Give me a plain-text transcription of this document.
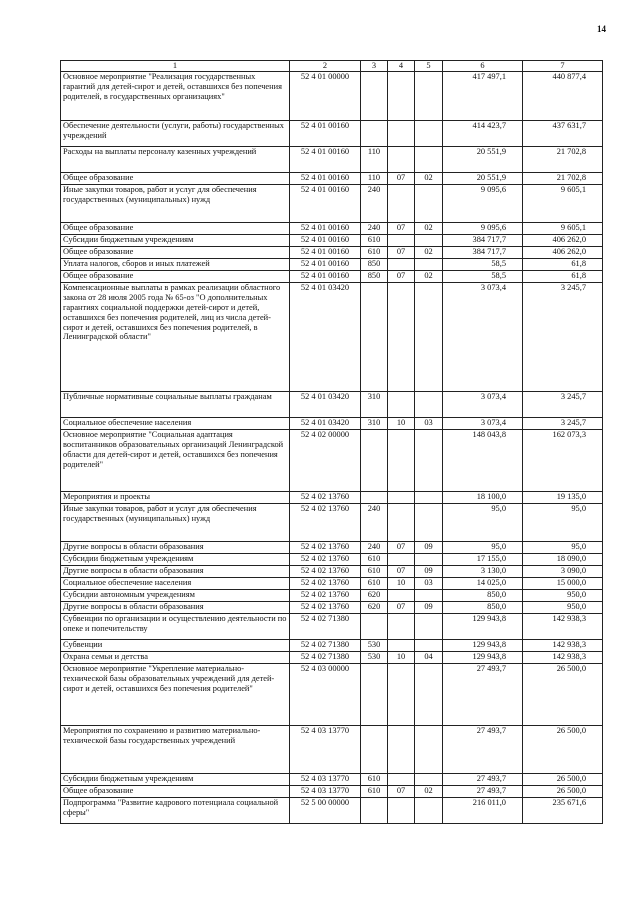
14
1	2	3	4	5	6	7
Основное мероприятие "Реализация государственных гарантий для детей-сирот и детей, оставшихся без попечения родителей, в государственных организациях"	52 4 01 00000				417 497,1	440 877,4
Обеспечение деятельности (услуги, работы) государственных учреждений	52 4 01 00160				414 423,7	437 631,7
Расходы на выплаты персоналу казенных учреждений	52 4 01 00160	110			20 551,9	21 702,8
Общее образование	52 4 01 00160	110	07	02	20 551,9	21 702,8
Иные закупки товаров, работ и услуг для обеспечения государственных (муниципальных) нужд	52 4 01 00160	240			9 095,6	9 605,1
Общее образование	52 4 01 00160	240	07	02	9 095,6	9 605,1
Субсидии бюджетным учреждениям	52 4 01 00160	610			384 717,7	406 262,0
Общее образование	52 4 01 00160	610	07	02	384 717,7	406 262,0
Уплата налогов, сборов и иных платежей	52 4 01 00160	850			58,5	61,8
Общее образование	52 4 01 00160	850	07	02	58,5	61,8
Компенсационные выплаты в рамках реализации областного закона от 28 июля 2005 года № 65-оз "О дополнительных гарантиях социальной поддержки детей-сирот и детей, оставшихся без попечения родителей, лиц из числа детей-сирот и детей, оставшихся без попечения родителей, в Ленинградской области"	52 4 01 03420				3 073,4	3 245,7
Публичные нормативные социальные выплаты гражданам	52 4 01 03420	310			3 073,4	3 245,7
Социальное обеспечение населения	52 4 01 03420	310	10	03	3 073,4	3 245,7
Основное мероприятие "Социальная адаптация воспитанников образовательных организаций Ленинградской области для детей-сирот и детей, оставшихся без попечения родителей"	52 4 02 00000				148 043,8	162 073,3
Мероприятия и проекты	52 4 02 13760				18 100,0	19 135,0
Иные закупки товаров, работ и услуг для обеспечения государственных (муниципальных) нужд	52 4 02 13760	240			95,0	95,0
Другие вопросы в области образования	52 4 02 13760	240	07	09	95,0	95,0
Субсидии бюджетным учреждениям	52 4 02 13760	610			17 155,0	18 090,0
Другие вопросы в области образования	52 4 02 13760	610	07	09	3 130,0	3 090,0
Социальное обеспечение населения	52 4 02 13760	610	10	03	14 025,0	15 000,0
Субсидии автономным учреждениям	52 4 02 13760	620			850,0	950,0
Другие вопросы в области образования	52 4 02 13760	620	07	09	850,0	950,0
Субвенции по организации и осуществлению деятельности по опеке и попечительству	52 4 02 71380				129 943,8	142 938,3
Субвенции	52 4 02 71380	530			129 943,8	142 938,3
Охрана семьи и детства	52 4 02 71380	530	10	04	129 943,8	142 938,3
Основное мероприятие "Укрепление материально-технической базы образовательных учреждений для детей-сирот и детей, оставшихся без попечения родителей"	52 4 03 00000				27 493,7	26 500,0
Мероприятия по сохранению и развитию материально-технической базы государственных учреждений	52 4 03 13770				27 493,7	26 500,0
Субсидии бюджетным учреждениям	52 4 03 13770	610			27 493,7	26 500,0
Общее образование	52 4 03 13770	610	07	02	27 493,7	26 500,0
Подпрограмма "Развитие кадрового потенциала социальной сферы"	52 5 00 00000				216 011,0	235 671,6
